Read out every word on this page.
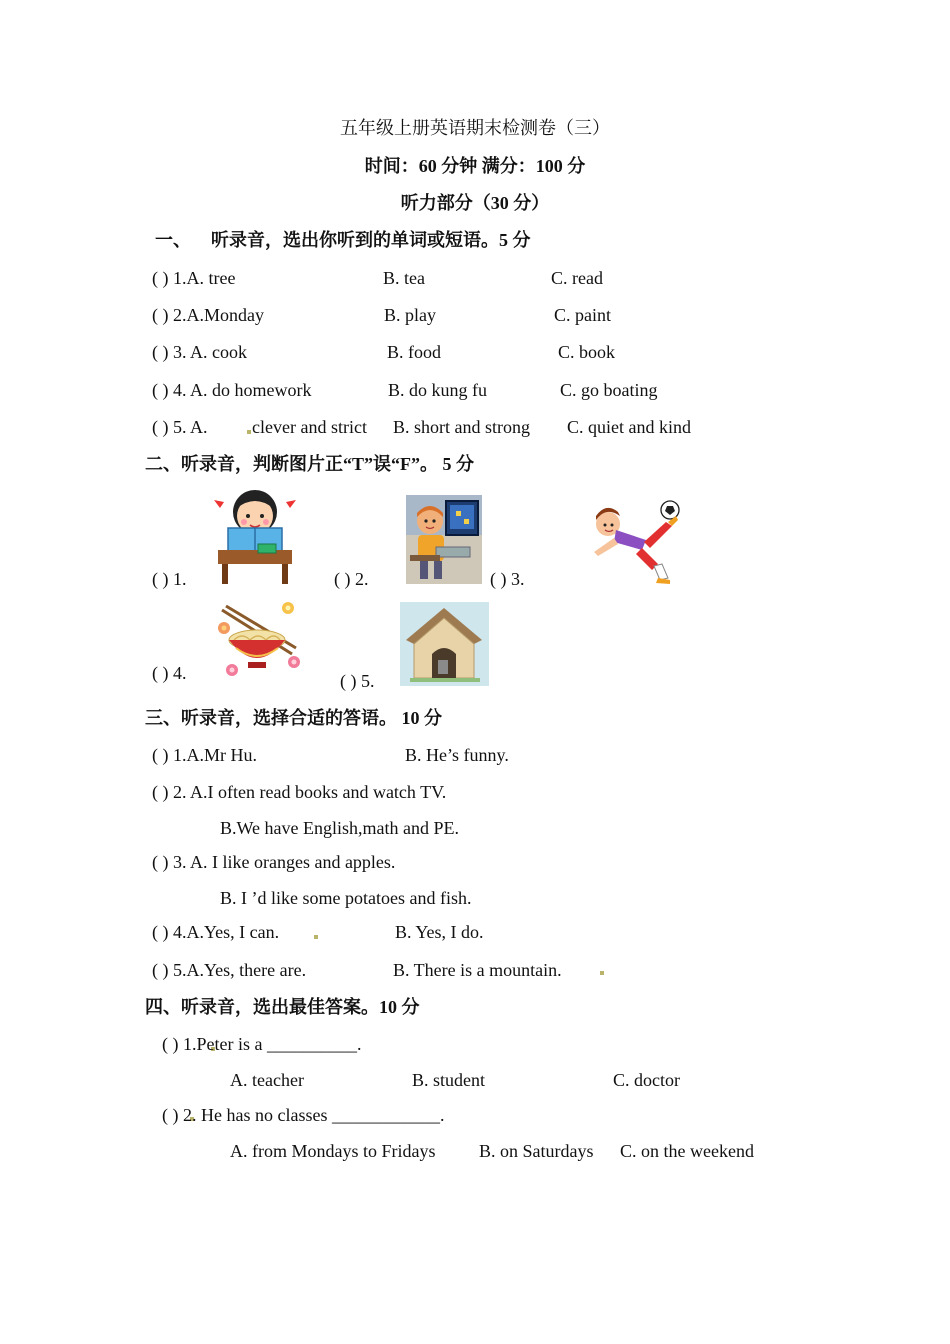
五年级上册英语期末检测卷（三）
时间：60 分钟 满分：100 分
听力部分（30 分）
一、 听录音，选出你听到的单词或短语。5 分
( ) 1.A. tree	B. tea	C. read
( ) 2.A.Monday	B. play	C. paint
( ) 3. A. cook	B. food	C. book
( ) 4. A. do homework	B. do kung fu	C. go boating
( ) 5. A. clever and strict B. short and strong C. quiet and kind
二、听录音，判断图片正“T”误“F”。 5 分
( ) 1.	( ) 2.	( ) 3.
( ) 4.	( ) 5.
三、听录音，选择合适的答语。 10 分
( ) 1.A.Mr Hu.	B. He’s funny.
( ) 2. A.I often read books and watch TV.
B.We have English,math and PE.
( ) 3. A. I like oranges and apples.
B. I ’d like some potatoes and fish.
( ) 4.A.Yes, I can.	B. Yes, I do.
( ) 5.A.Yes, there are.	B. There is a mountain.
四、听录音，选出最佳答案。10 分
( ) 1.Peter is a __________.
A. teacher	B. student	C. doctor
( ) 2. He has no classes ____________.
A. from Mondays to Fridays B. on Saturdays C. on the weekend
